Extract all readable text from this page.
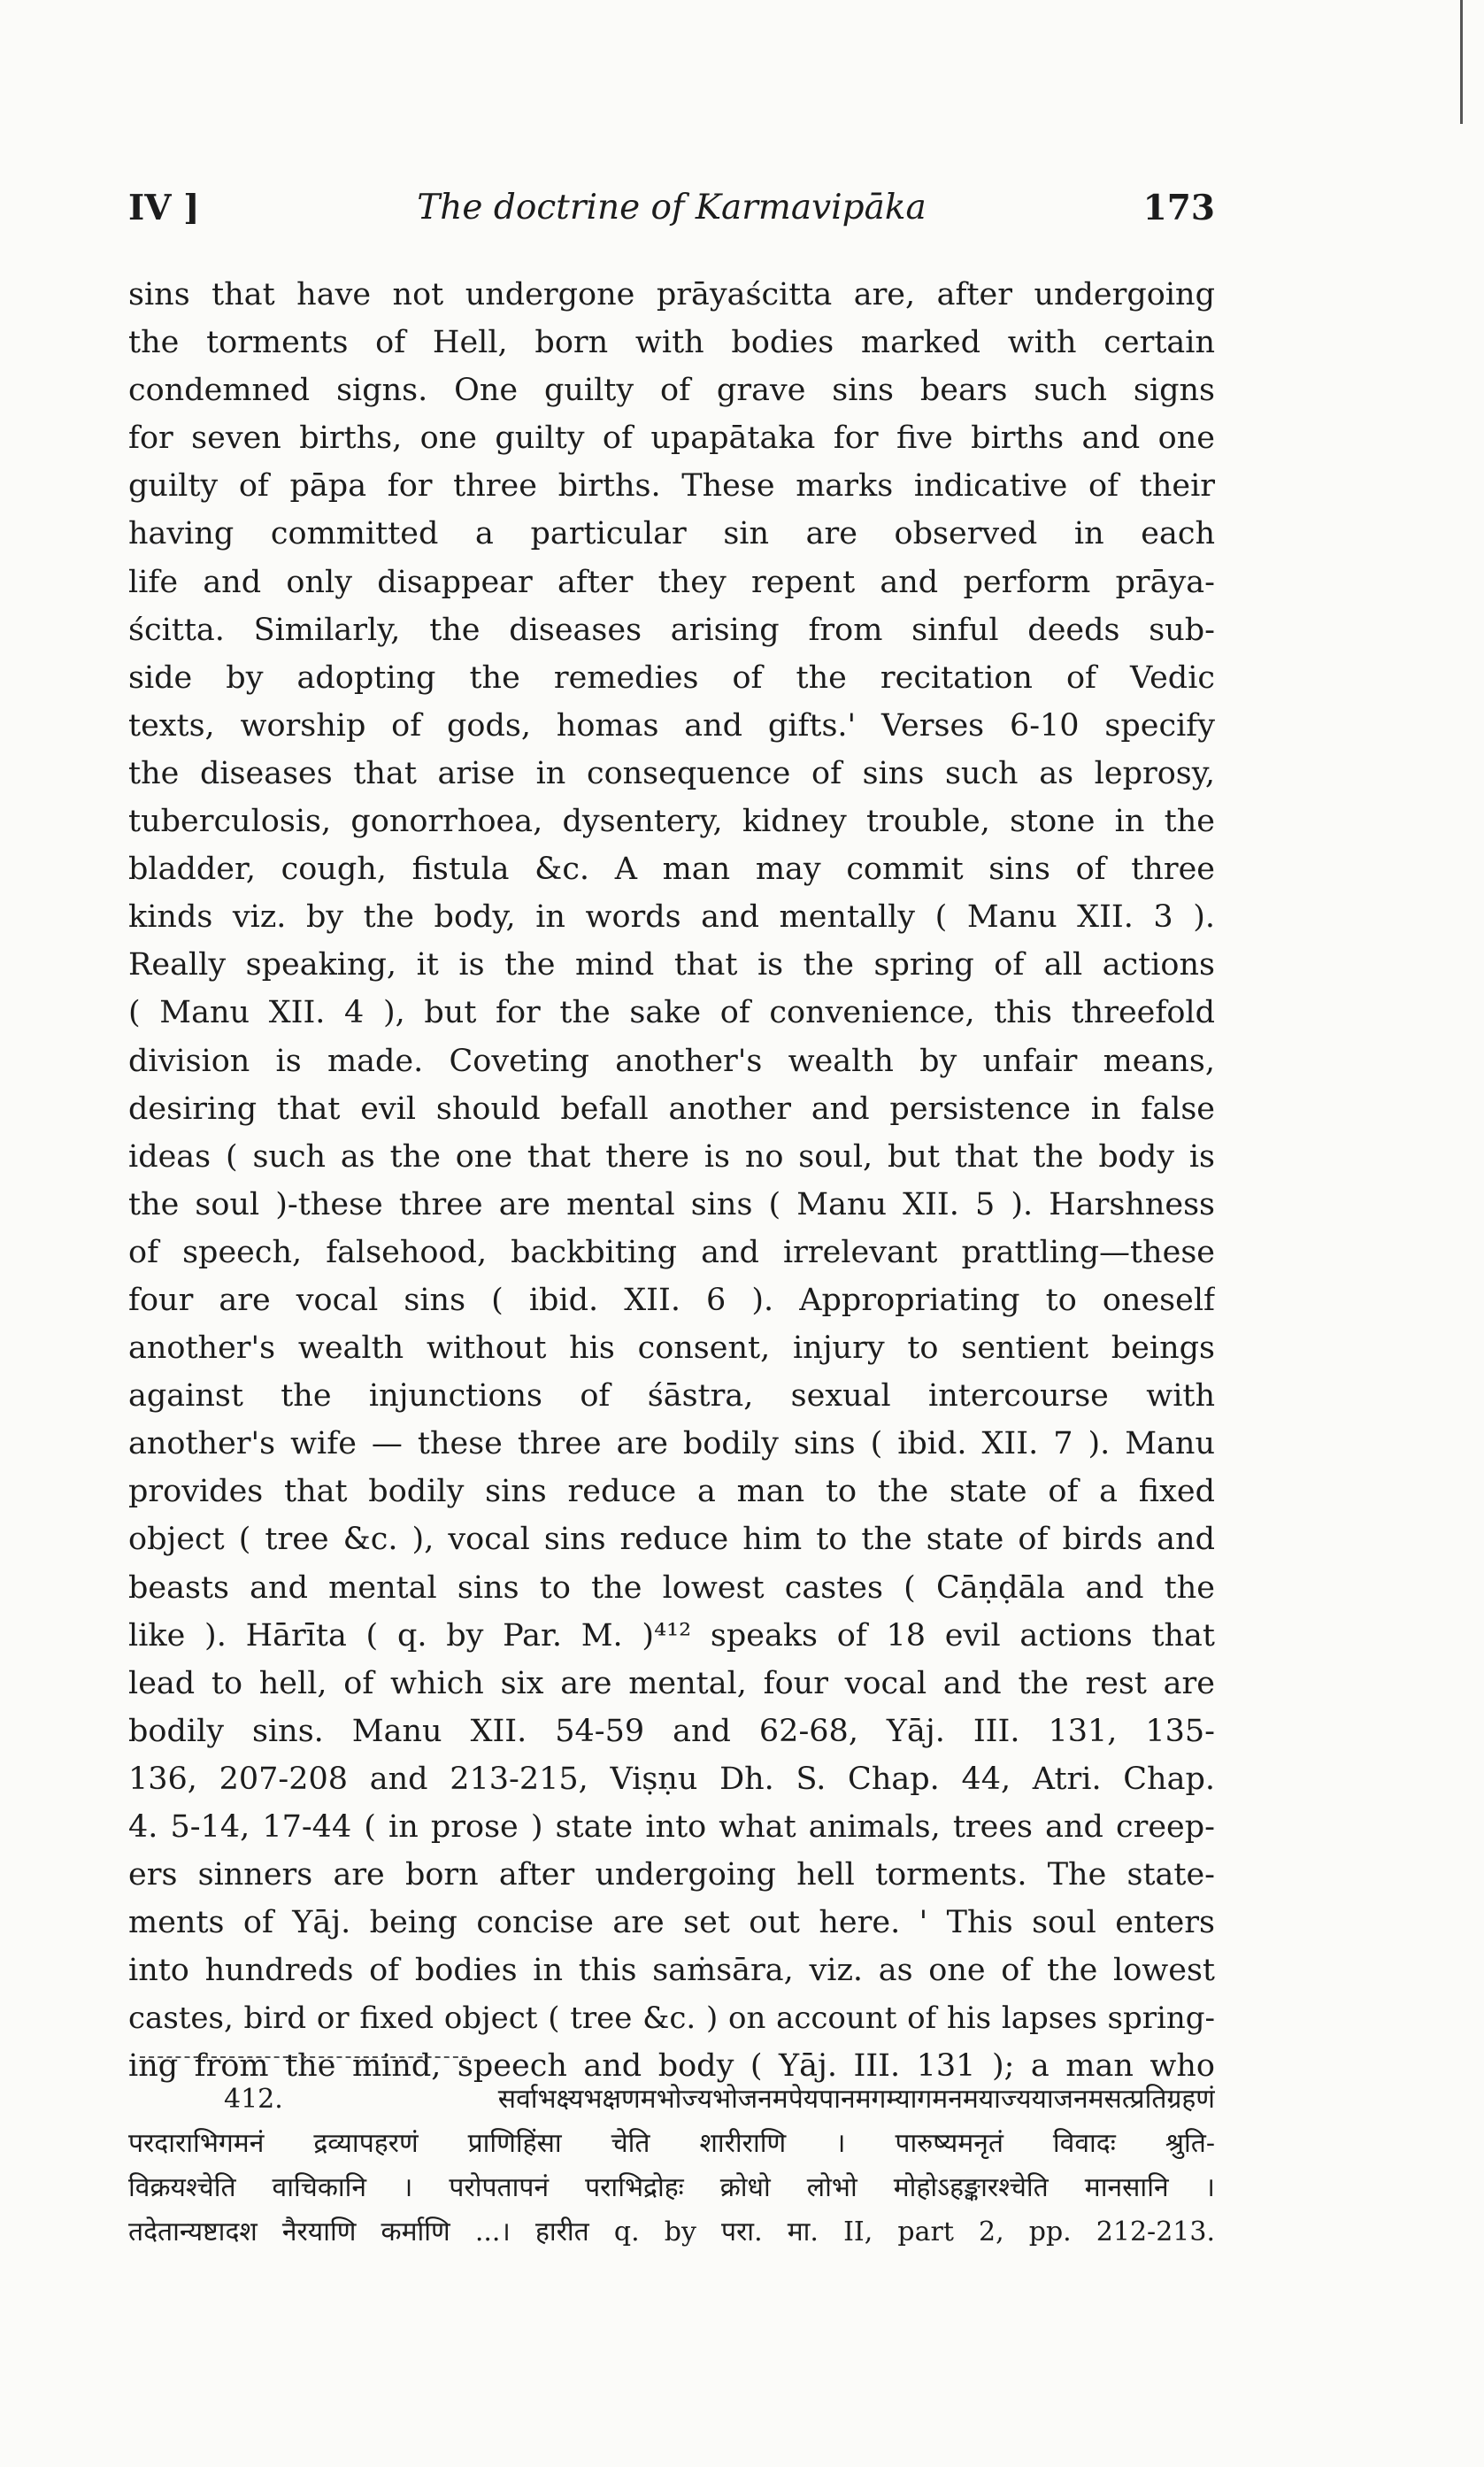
IV ]	The doctrine of Karmavipāka	173
sins that have not undergone prāyaścitta are, after undergoing
the torments of Hell, born with bodies marked with certain
condemned signs. One guilty of grave sins bears such signs
for seven births, one guilty of upapātaka for five births and one
guilty of pāpa for three births. These marks indicative of their
having committed a particular sin are observed in each
life and only disappear after they repent and perform prāya-
ścitta. Similarly, the diseases arising from sinful deeds sub-
side by adopting the remedies of the recitation of Vedic
texts, worship of gods, homas and gifts.' Verses 6-10 specify
the diseases that arise in consequence of sins such as leprosy,
tuberculosis, gonorrhoea, dysentery, kidney trouble, stone in the
bladder, cough, fistula &c. A man may commit sins of three
kinds viz. by the body, in words and mentally ( Manu XII. 3 ).
Really speaking, it is the mind that is the spring of all actions
( Manu XII. 4 ), but for the sake of convenience, this threefold
division is made. Coveting another's wealth by unfair means,
desiring that evil should befall another and persistence in false
ideas ( such as the one that there is no soul, but that the body is
the soul )-these three are mental sins ( Manu XII. 5 ). Harshness
of speech, falsehood, backbiting and irrelevant prattling—these
four are vocal sins ( ibid. XII. 6 ). Appropriating to oneself
another's wealth without his consent, injury to sentient beings
against the injunctions of śāstra, sexual intercourse with
another's wife — these three are bodily sins ( ibid. XII. 7 ). Manu
provides that bodily sins reduce a man to the state of a fixed
object ( tree &c. ), vocal sins reduce him to the state of birds and
beasts and mental sins to the lowest castes ( Cāṇḍāla and the
like ). Hārīta ( q. by Par. M. )⁴¹² speaks of 18 evil actions that
lead to hell, of which six are mental, four vocal and the rest are
bodily sins. Manu XII. 54-59 and 62-68, Yāj. III. 131, 135-
136, 207-208 and 213-215, Viṣṇu Dh. S. Chap. 44, Atri. Chap.
4. 5-14, 17-44 ( in prose ) state into what animals, trees and creep-
ers sinners are born after undergoing hell torments. The state-
ments of Yāj. being concise are set out here. ' This soul enters
into hundreds of bodies in this saṁsāra, viz. as one of the lowest
castes, bird or fixed object ( tree &c. ) on account of his lapses spring-
ing from the mind, speech and body ( Yāj. III. 131 ); a man who
412. सर्वाभक्ष्यभक्षणमभोज्यभोजनमपेयपानमगम्यागमनमयाज्ययाजनमसत्प्रतिग्रहणं
परदाराभिगमनं द्रव्यापहरणं प्राणिहिंसा चेति शारीराणि । पारुष्यमनृतं विवादः श्रुति-
विक्रयश्चेति वाचिकानि । परोपतापनं पराभिद्रोहः क्रोधो लोभो मोहोऽहङ्कारश्चेति मानसानि ।
तदेतान्यष्टादश नैरयाणि कर्माणि ...। हारीत q. by परा. मा. II, part 2, pp. 212-213.
